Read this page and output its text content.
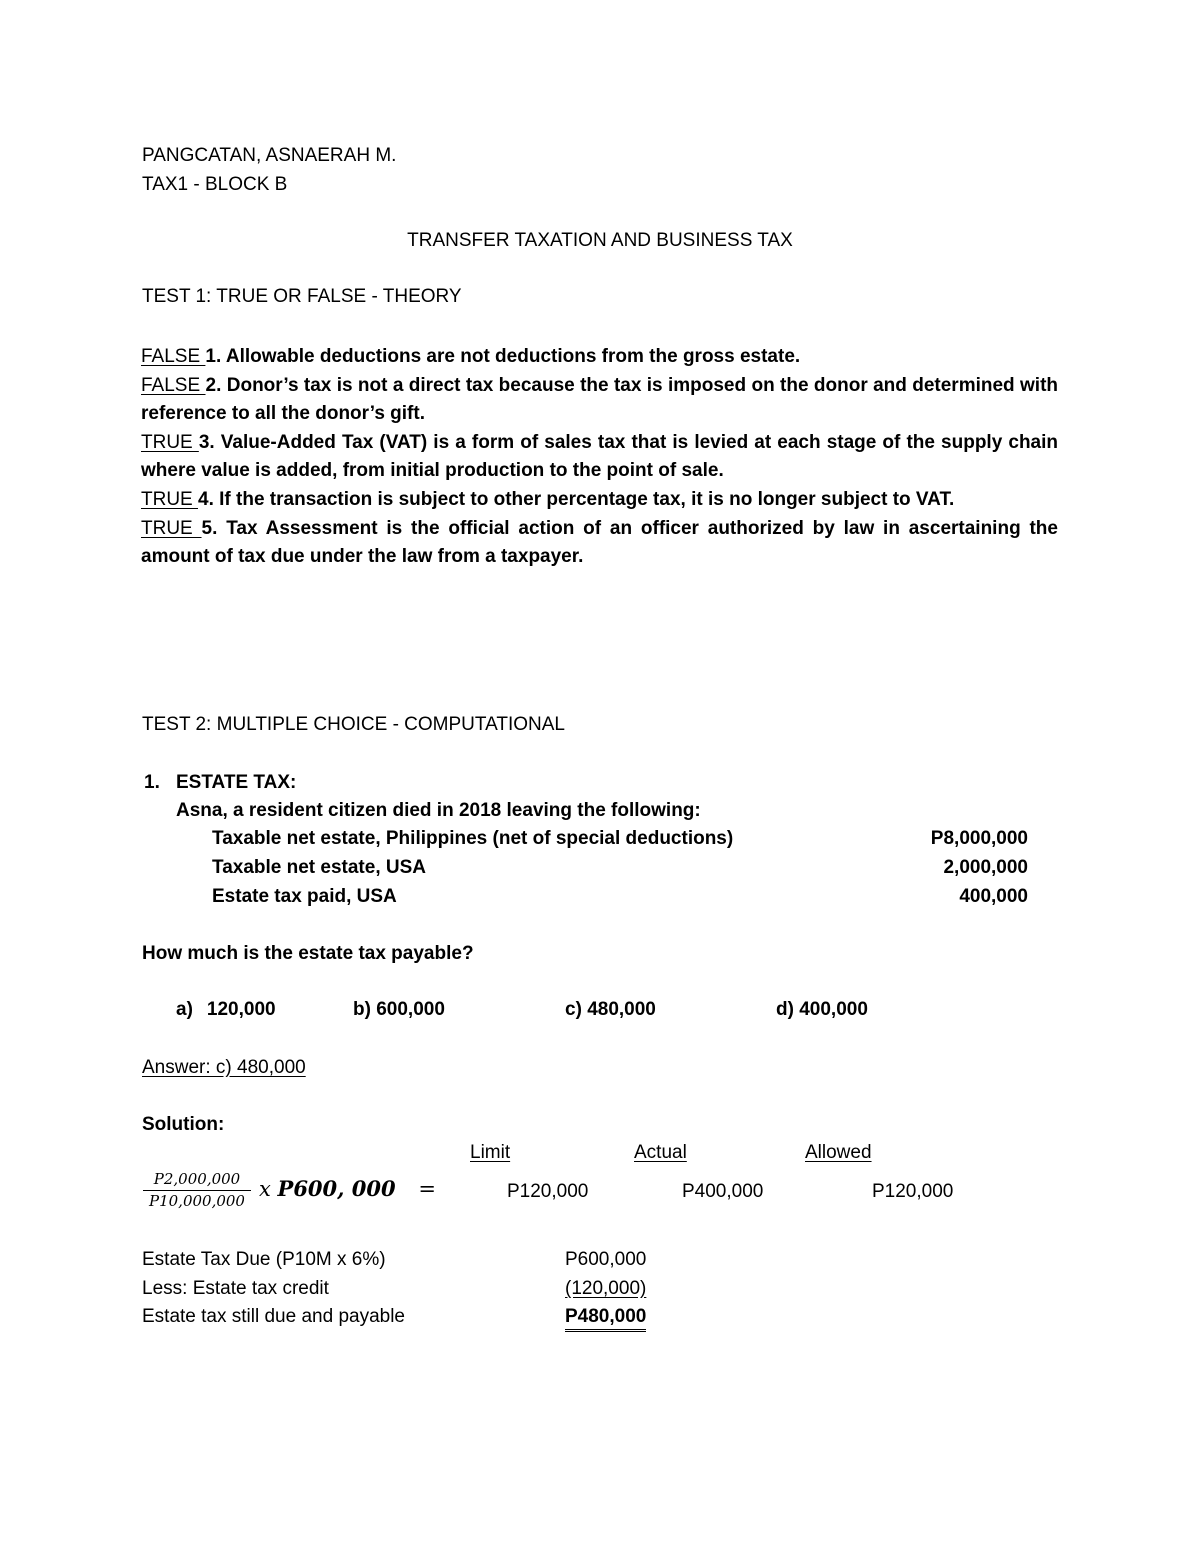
PANGCATAN, ASNAERAH M.
TAX1 - BLOCK B
TRANSFER TAXATION AND BUSINESS TAX
TEST 1: TRUE OR FALSE - THEORY

FALSE 1. Allowable deductions are not deductions from the gross estate.

FALSE 2. Donor’s tax is not a direct tax because the tax is imposed on the donor and determined with reference to all the donor’s gift.

TRUE 3. Value-Added Tax (VAT) is a form of sales tax that is levied at each stage of the supply chain where value is added, from initial production to the point of sale.

TRUE 4. If the transaction is subject to other percentage tax, it is no longer subject to VAT.

TRUE 5. Tax Assessment is the official action of an officer authorized by law in ascertaining the amount of tax due under the law from a taxpayer.

TEST 2: MULTIPLE CHOICE - COMPUTATIONAL
1. ESTATE TAX:
Asna, a resident citizen died in 2018 leaving the following:
Taxable net estate, Philippines (net of special deductions)	P8,000,000
Taxable net estate, USA	2,000,000
Estate tax paid, USA	400,000
How much is the estate tax payable?
a) 120,000	b) 600,000	c) 480,000	d) 400,000
Answer: c) 480,000
Solution:
Limit	Actual	Allowed
P2,000,000
P10,000,000 x P600, 000 =	P120,000	P400,000	P120,000
Estate Tax Due (P10M x 6%)	P600,000
Less: Estate tax credit	(120,000)
Estate tax still due and payable	P480,000
